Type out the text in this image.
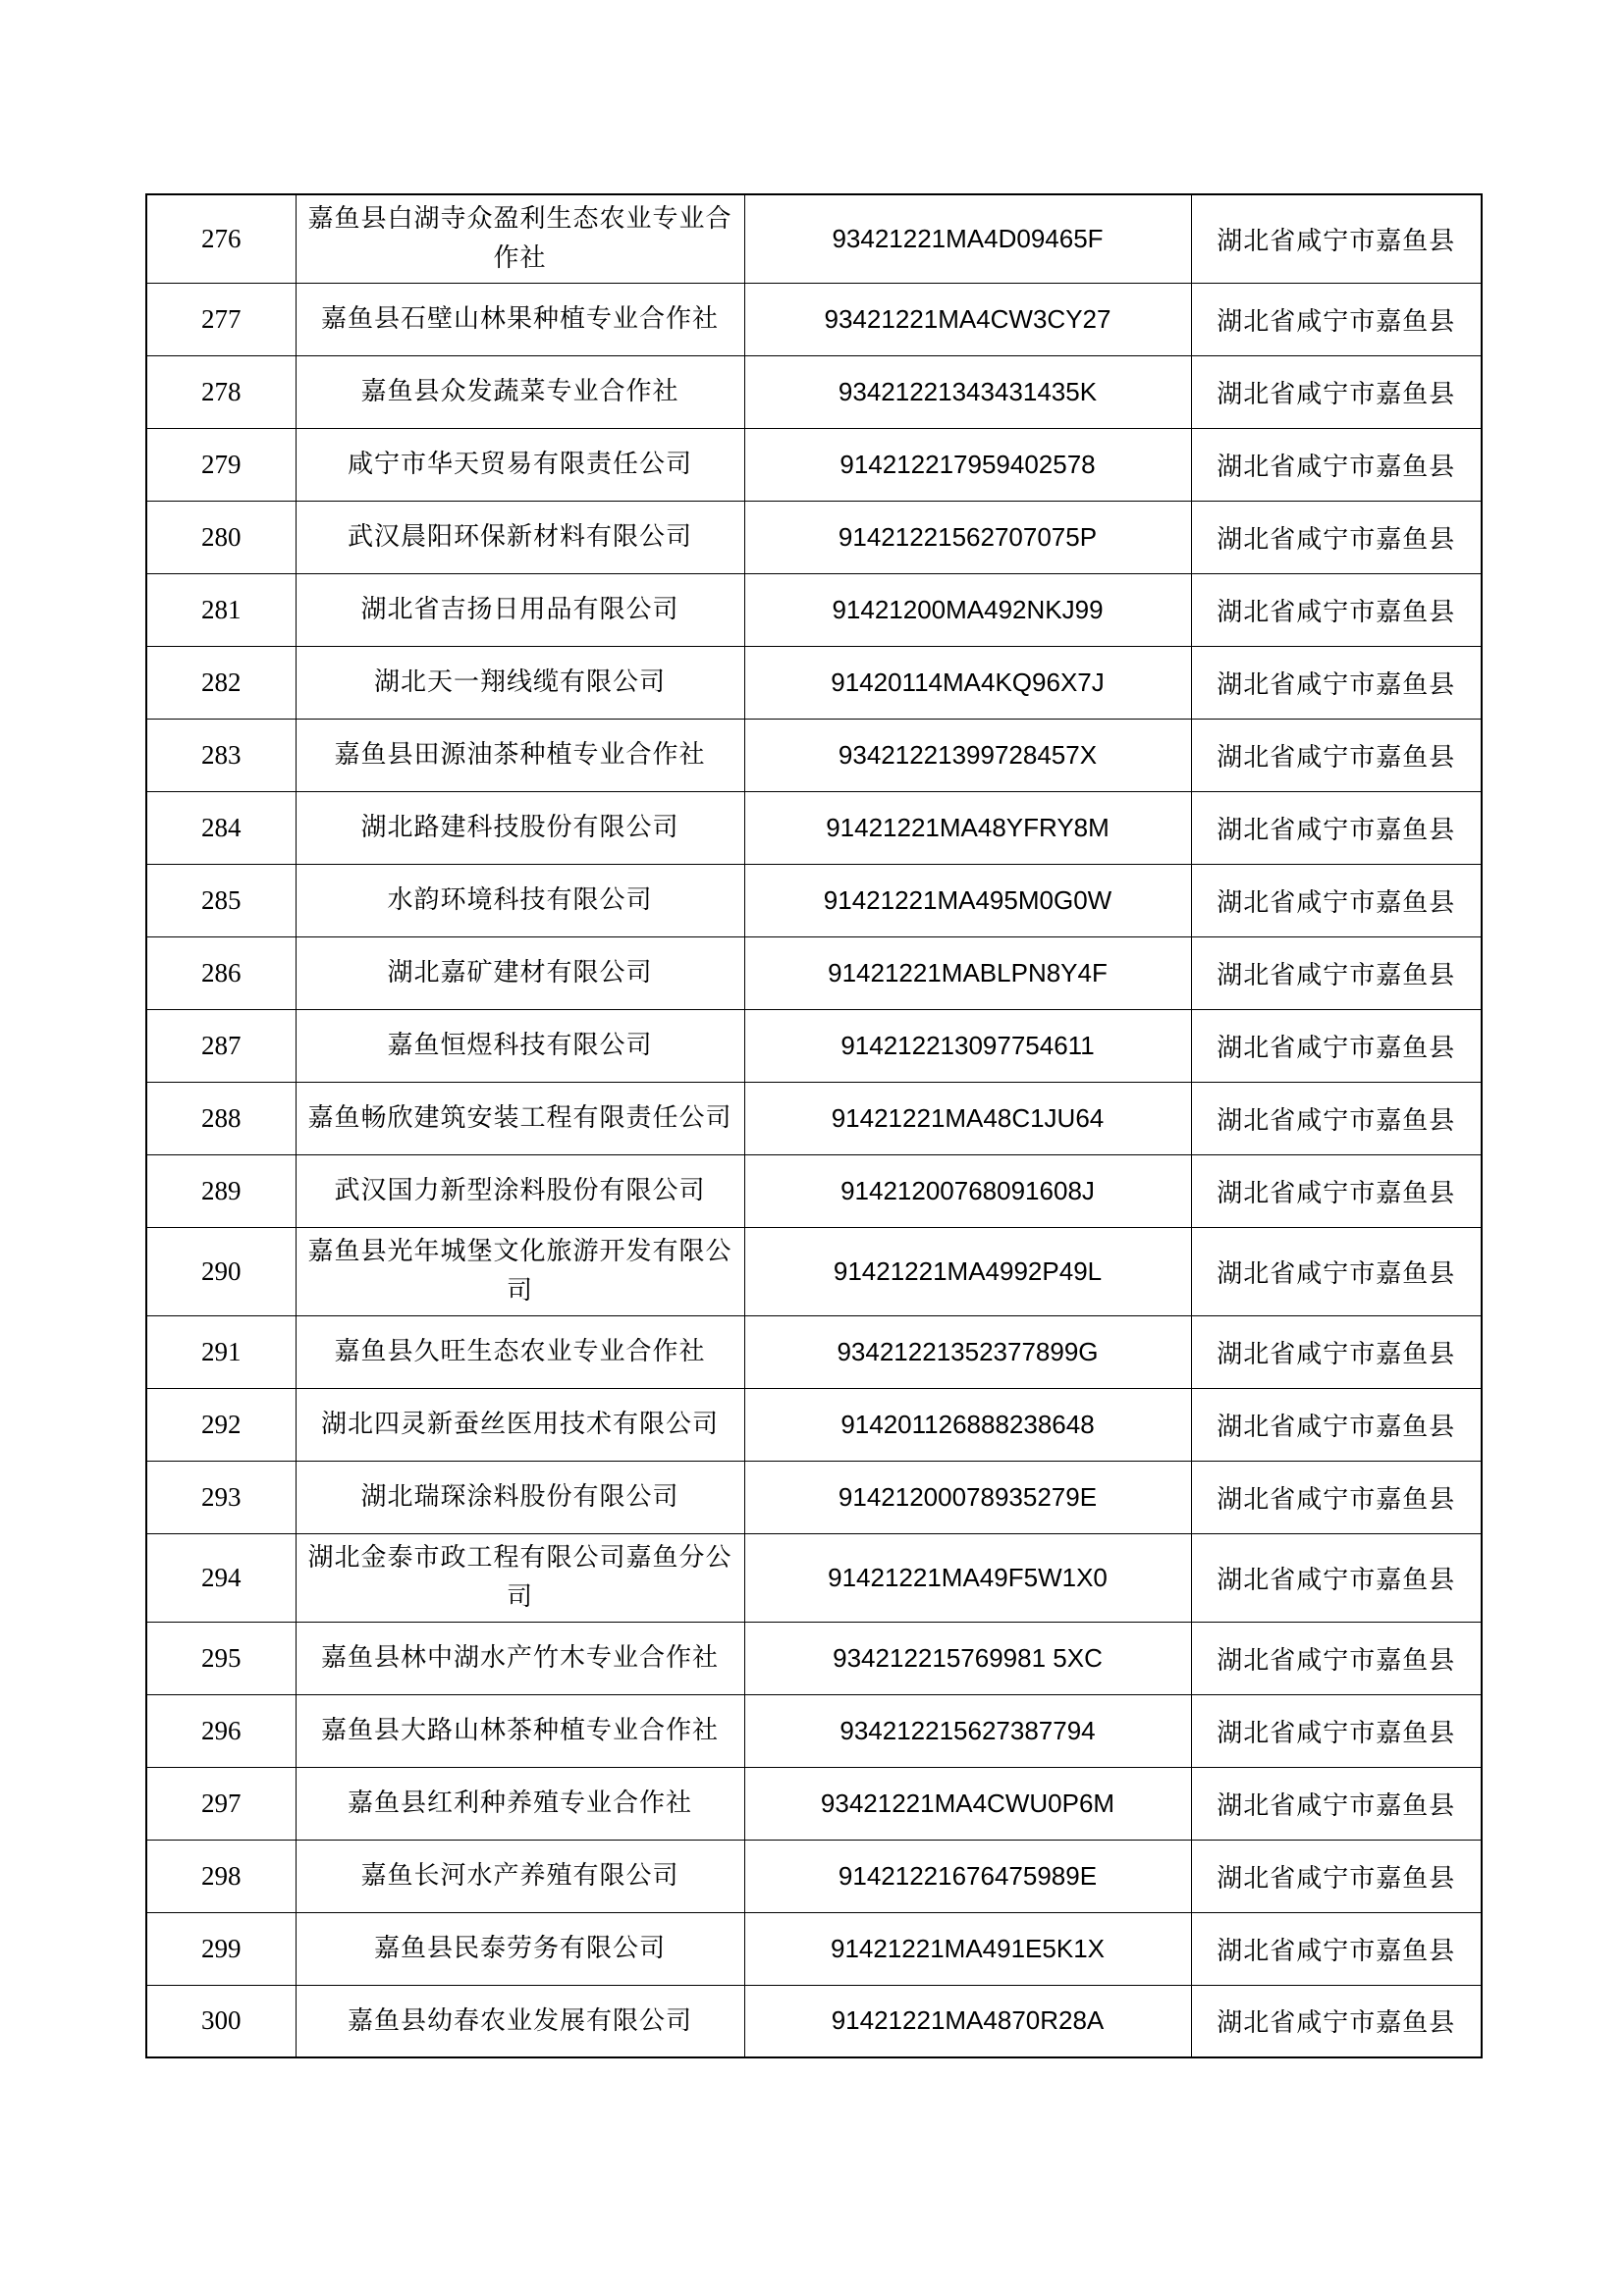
276	嘉鱼县白湖寺众盈利生态农业专业合作社	93421221MA4D09465F	湖北省咸宁市嘉鱼县
277	嘉鱼县石壁山林果种植专业合作社	93421221MA4CW3CY27	湖北省咸宁市嘉鱼县
278	嘉鱼县众发蔬菜专业合作社	93421221343431435K	湖北省咸宁市嘉鱼县
279	咸宁市华天贸易有限责任公司	914212217959402578	湖北省咸宁市嘉鱼县
280	武汉晨阳环保新材料有限公司	91421221562707075P	湖北省咸宁市嘉鱼县
281	湖北省吉扬日用品有限公司	91421200MA492NKJ99	湖北省咸宁市嘉鱼县
282	湖北天一翔线缆有限公司	91420114MA4KQ96X7J	湖北省咸宁市嘉鱼县
283	嘉鱼县田源油茶种植专业合作社	93421221399728457X	湖北省咸宁市嘉鱼县
284	湖北路建科技股份有限公司	91421221MA48YFRY8M	湖北省咸宁市嘉鱼县
285	水韵环境科技有限公司	91421221MA495M0G0W	湖北省咸宁市嘉鱼县
286	湖北嘉矿建材有限公司	91421221MABLPN8Y4F	湖北省咸宁市嘉鱼县
287	嘉鱼恒煜科技有限公司	914212213097754611	湖北省咸宁市嘉鱼县
288	嘉鱼畅欣建筑安装工程有限责任公司	91421221MA48C1JU64	湖北省咸宁市嘉鱼县
289	武汉国力新型涂料股份有限公司	91421200768091608J	湖北省咸宁市嘉鱼县
290	嘉鱼县光年城堡文化旅游开发有限公司	91421221MA4992P49L	湖北省咸宁市嘉鱼县
291	嘉鱼县久旺生态农业专业合作社	93421221352377899G	湖北省咸宁市嘉鱼县
292	湖北四灵新蚕丝医用技术有限公司	914201126888238648	湖北省咸宁市嘉鱼县
293	湖北瑞琛涂料股份有限公司	91421200078935279E	湖北省咸宁市嘉鱼县
294	湖北金泰市政工程有限公司嘉鱼分公司	91421221MA49F5W1X0	湖北省咸宁市嘉鱼县
295	嘉鱼县林中湖水产竹木专业合作社	934212215769981 5XC	湖北省咸宁市嘉鱼县
296	嘉鱼县大路山林茶种植专业合作社	934212215627387794	湖北省咸宁市嘉鱼县
297	嘉鱼县红利种养殖专业合作社	93421221MA4CWU0P6M	湖北省咸宁市嘉鱼县
298	嘉鱼长河水产养殖有限公司	91421221676475989E	湖北省咸宁市嘉鱼县
299	嘉鱼县民泰劳务有限公司	91421221MA491E5K1X	湖北省咸宁市嘉鱼县
300	嘉鱼县幼春农业发展有限公司	91421221MA4870R28A	湖北省咸宁市嘉鱼县
